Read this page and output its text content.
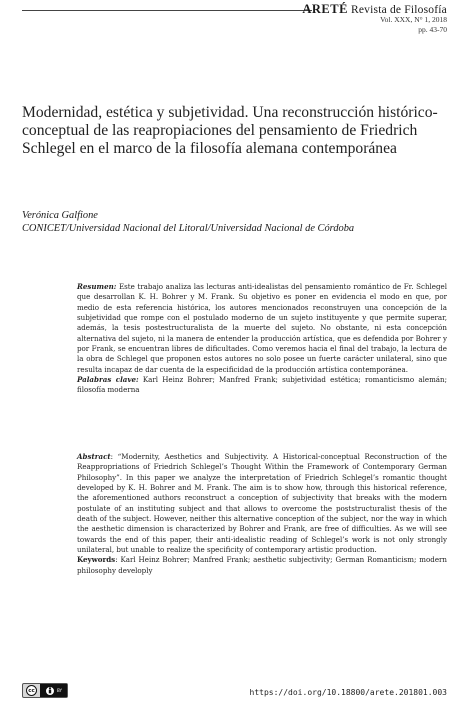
ARETÉ Revista de Filosofía
Vol. XXX, N° 1, 2018
pp. 43-70
Modernidad, estética y subjetividad. Una reconstrucción histórico-conceptual de las reapropiaciones del pensamiento de Friedrich Schlegel en el marco de la filosofía alemana contemporánea
Verónica Galfione
CONICET/Universidad Nacional del Litoral/Universidad Nacional de Córdoba

Resumen: Este trabajo analiza las lecturas anti-idealistas del pensamiento romántico de Fr. Schlegel que desarrollan K. H. Bohrer y M. Frank. Su objetivo es poner en evidencia el modo en que, por medio de esta referencia histórica, los autores mencionados reconstruyen una concepción de la subjetividad que rompe con el postulado moderno de un sujeto instituyente y que permite superar, además, la tesis postestructuralista de la muerte del sujeto. No obstante, ni esta concepción alternativa del sujeto, ni la manera de entender la producción artística, que es defendida por Bohrer y por Frank, se encuentran libres de dificultades. Como veremos hacia el final del trabajo, la lectura de la obra de Schlegel que proponen estos autores no solo posee un fuerte carácter unilateral, sino que resulta incapaz de dar cuenta de la especificidad de la producción artística contemporánea.

Palabras clave: Karl Heinz Bohrer; Manfred Frank; subjetividad estética; romanticismo alemán; filosofía moderna

Abstract: “Modernity, Aesthetics and Subjectivity. A Historical-conceptual Reconstruction of the Reappropriations of Friedrich Schlegel’s Thought Within the Framework of Contemporary German Philosophy”. In this paper we analyze the interpretation of Friedrich Schlegel’s romantic thought developed by K. H. Bohrer and M. Frank. The aim is to show how, through this historical reference, the aforementioned authors reconstruct a conception of subjectivity that breaks with the modern postulate of an instituting subject and that allows to overcome the poststructuralist thesis of the death of the subject. However, neither this alternative conception of the subject, nor the way in which the aesthetic dimension is characterized by Bohrer and Frank, are free of difficulties. As we will see towards the end of this paper, their anti-idealistic reading of Schlegel’s work is not only strongly unilateral, but unable to realize the specificity of contemporary artistic production.

Keywords: Karl Heinz Bohrer; Manfred Frank; aesthetic subjectivity; German Romanticism; modern philosophy developly

cc	BY	https://doi.org/10.18800/arete.201801.003
